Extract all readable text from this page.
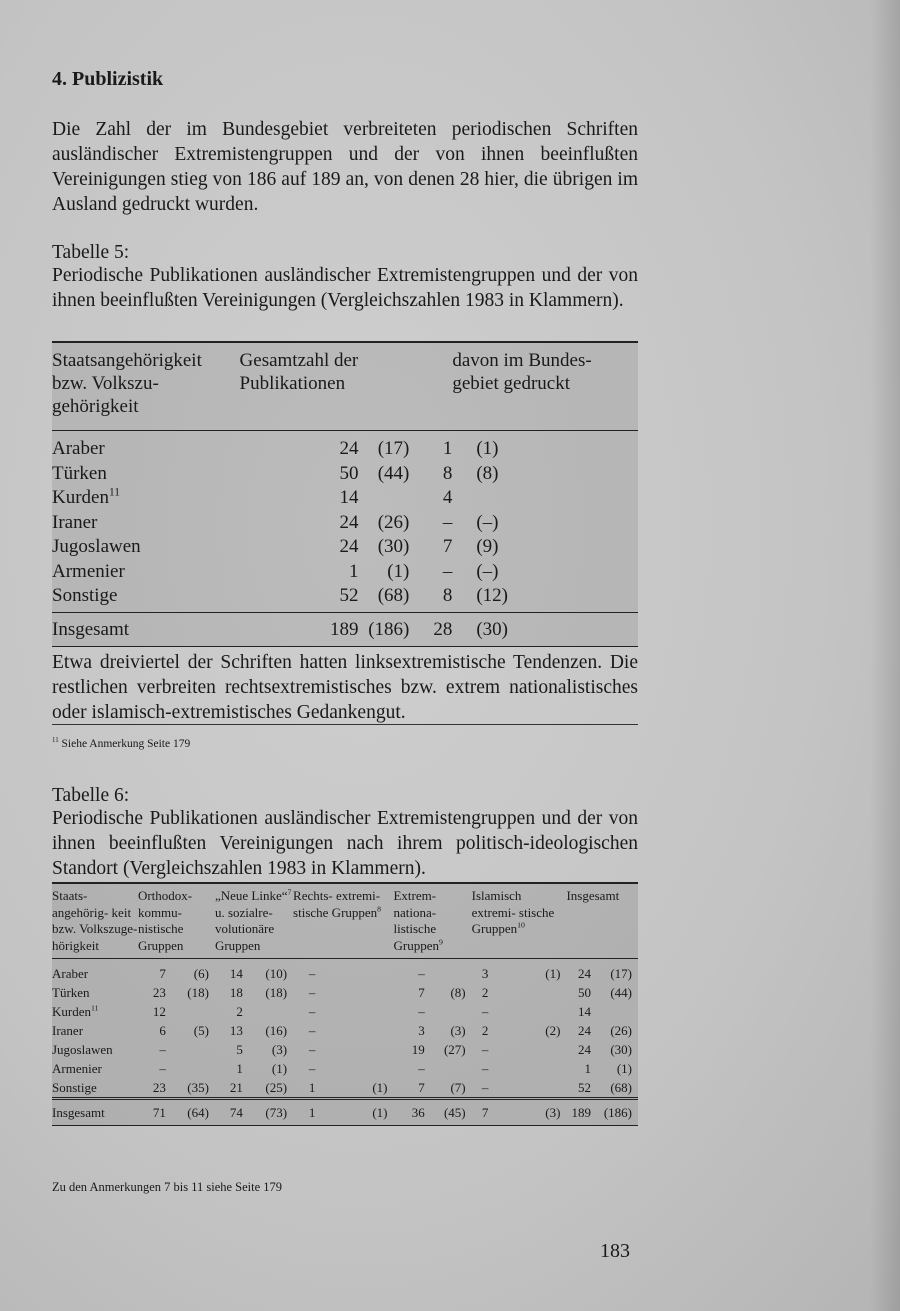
4. Publizistik

Die Zahl der im Bundesgebiet verbreiteten periodischen Schriften ausländischer Extremistengruppen und der von ihnen beeinflußten Vereinigungen stieg von 186 auf 189 an, von denen 28 hier, die übrigen im Ausland gedruckt wurden.

Tabelle 5:

Periodische Publikationen ausländischer Extremistengruppen und der von ihnen beeinflußten Vereinigungen (Vergleichszahlen 1983 in Klammern).

Staatsangehörigkeit bzw. Volkszu-gehörigkeit	Gesamtzahl der Publikationen				davon im Bundes-gebiet gedruckt
Araber		24	(17)	1	(1)
Türken		50	(44)	8	(8)
Kurden$^{11}$		14		4	
Iraner		24	(26)	–	(–)
Jugoslawen		24	(30)	7	(9)
Armenier		1	(1)	–	(–)
Sonstige		52	(68)	8	(12)
Insgesamt		189	(186)	28	(30)

Etwa dreiviertel der Schriften hatten linksextremistische Tendenzen. Die restlichen verbreiten rechtsextremistisches bzw. extrem nationalistisches oder islamisch-extremistisches Gedankengut.

$^{11}$ Siehe Anmerkung Seite 179

Tabelle 6:

Periodische Publikationen ausländischer Extremistengruppen und der von ihnen beeinflußten Vereinigungen nach ihrem politisch-ideologischen Standort (Vergleichszahlen 1983 in Klammern).

Staats- angehörig- keit bzw. Volkszuge- hörigkeit	Orthodox- kommu- nistische Gruppen		„Neue Linke“$^7$ u. sozialre- volutionäre Gruppen		Rechts- extremi- stische Gruppen$^8$		Extrem- nationa- listische Gruppen$^9$		Islamisch extremi- stische Gruppen$^{10}$		Insgesamt	
Araber	7	(6)	14	(10)	–		–		3	(1)	24	(17)
Türken	23	(18)	18	(18)	–		7	(8)	2		50	(44)
Kurden$^{11}$	12		2		–		–		–		14	
Iraner	6	(5)	13	(16)	–		3	(3)	2	(2)	24	(26)
Jugoslawen	–		5	(3)	–		19	(27)	–		24	(30)
Armenier	–		1	(1)	–		–		–		1	(1)
Sonstige	23	(35)	21	(25)	1	(1)	7	(7)	–		52	(68)
Insgesamt	71	(64)	74	(73)	1	(1)	36	(45)	7	(3)	189	(186)
Zu den Anmerkungen 7 bis 11 siehe Seite 179
183
